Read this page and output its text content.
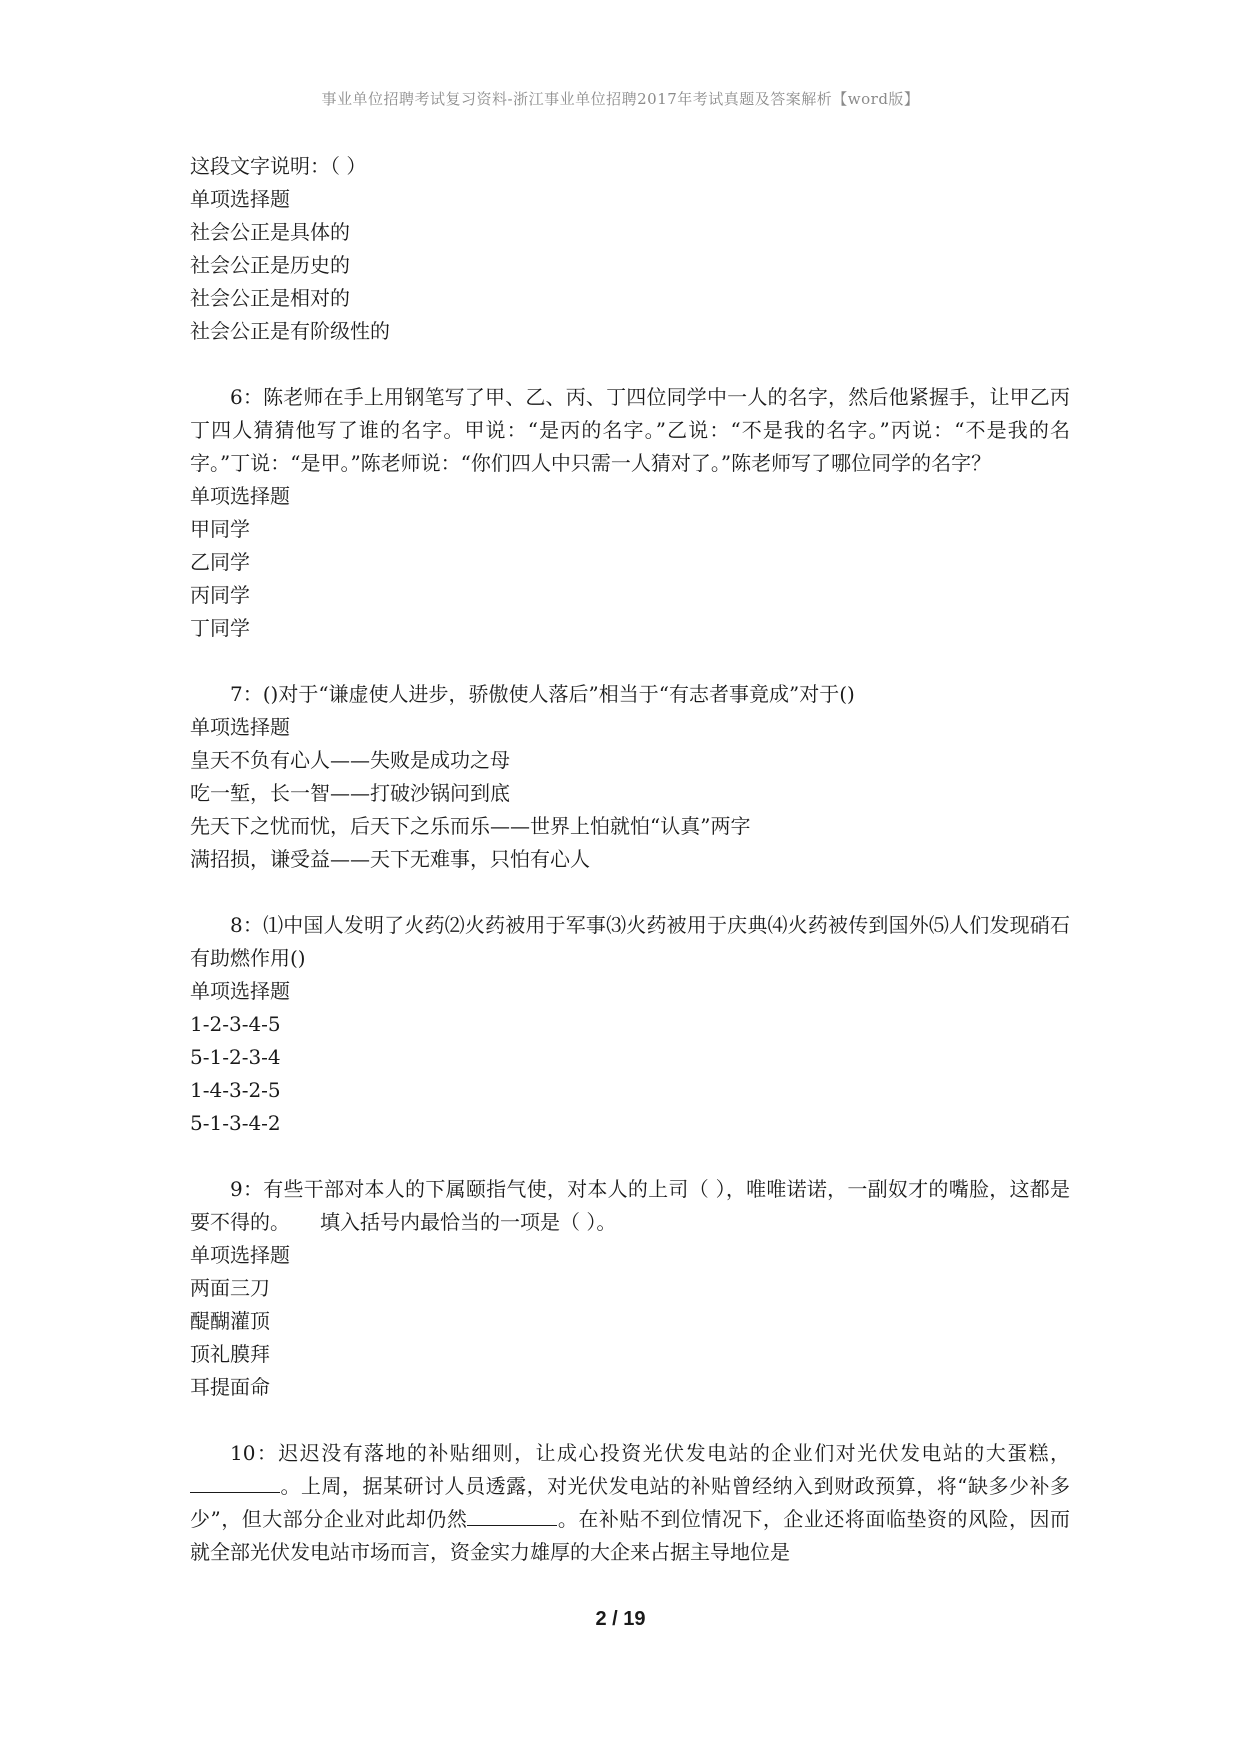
事业单位招聘考试复习资料-浙江事业单位招聘2017年考试真题及答案解析【word版】
这段文字说明：（ ）
单项选择题
社会公正是具体的
社会公正是历史的
社会公正是相对的
社会公正是有阶级性的
6：陈老师在手上用钢笔写了甲、乙、丙、丁四位同学中一人的名字，然后他紧握手，让甲乙丙丁四人猜猜他写了谁的名字。甲说：“是丙的名字。”乙说：“不是我的名字。”丙说：“不是我的名字。”丁说：“是甲。”陈老师说：“你们四人中只需一人猜对了。”陈老师写了哪位同学的名字？
单项选择题
甲同学
乙同学
丙同学
丁同学
7：()对于“谦虚使人进步，骄傲使人落后”相当于“有志者事竟成”对于()
单项选择题
皇天不负有心人——失败是成功之母
吃一堑，长一智——打破沙锅问到底
先天下之忧而忧，后天下之乐而乐——世界上怕就怕“认真”两字
满招损，谦受益——天下无难事，只怕有心人
8：⑴中国人发明了火药⑵火药被用于军事⑶火药被用于庆典⑷火药被传到国外⑸人们发现硝石有助燃作用()
单项选择题
1-2-3-4-5
5-1-2-3-4
1-4-3-2-5
5-1-3-4-2
9：有些干部对本人的下属颐指气使，对本人的上司（ ），唯唯诺诺，一副奴才的嘴脸，这都是要不得的。　　填入括号内最恰当的一项是（ ）。
单项选择题
两面三刀
醍醐灌顶
顶礼膜拜
耳提面命
10：迟迟没有落地的补贴细则，让成心投资光伏发电站的企业们对光伏发电站的大蛋糕，。上周，据某研讨人员透露，对光伏发电站的补贴曾经纳入到财政预算，将“缺多少补多少”，但大部分企业对此却仍然	。在补贴不到位情况下，企业还将面临垫资的风险，因而就全部光伏发电站市场而言，资金实力雄厚的大企来占据主导地位是
2 / 19
